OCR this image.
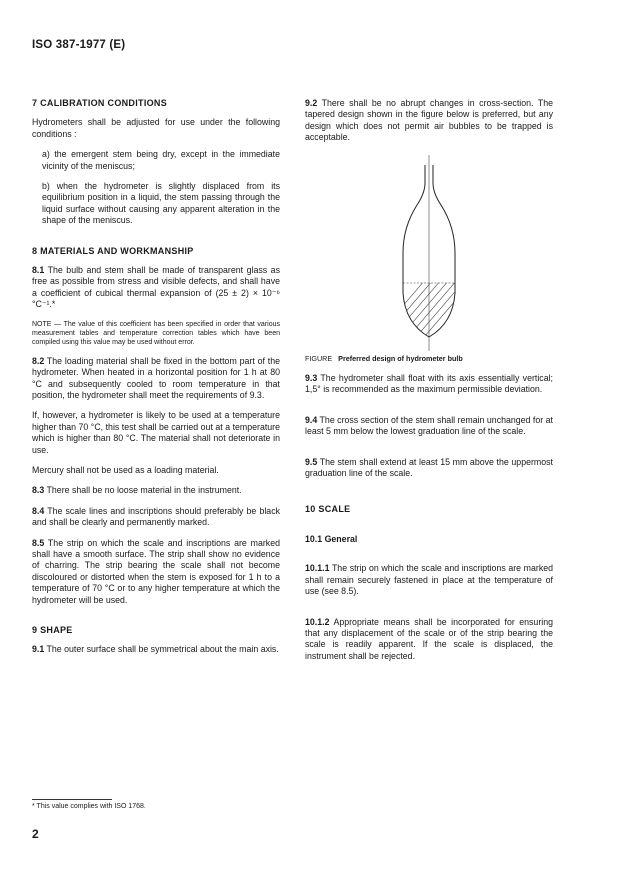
ISO 387-1977 (E)
7 CALIBRATION CONDITIONS

Hydrometers shall be adjusted for use under the following conditions :

a) the emergent stem being dry, except in the immediate vicinity of the meniscus;

b) when the hydrometer is slightly displaced from its equilibrium position in a liquid, the stem passing through the liquid surface without causing any apparent alteration in the shape of the meniscus.

8 MATERIALS AND WORKMANSHIP

8.1 The bulb and stem shall be made of transparent glass as free as possible from stress and visible defects, and shall have a coefficient of cubical thermal expansion of (25 ± 2) × 10⁻⁶ °C⁻¹.*

NOTE — The value of this coefficient has been specified in order that various measurement tables and temperature correction tables which have been compiled using this value may be used without error.

8.2 The loading material shall be fixed in the bottom part of the hydrometer. When heated in a horizontal position for 1 h at 80 °C and subsequently cooled to room temperature in that position, the hydrometer shall meet the requirements of 9.3.

If, however, a hydrometer is likely to be used at a temperature higher than 70 °C, this test shall be carried out at a temperature which is higher than 80 °C. The material shall not deteriorate in use.

Mercury shall not be used as a loading material.

8.3 There shall be no loose material in the instrument.

8.4 The scale lines and inscriptions should preferably be black and shall be clearly and permanently marked.

8.5 The strip on which the scale and inscriptions are marked shall have a smooth surface. The strip shall show no evidence of charring. The strip bearing the scale shall not become discoloured or distorted when the stem is exposed for 1 h to a temperature of 70 °C or to any higher temperature at which the hydrometer will be used.

9 SHAPE

9.1 The outer surface shall be symmetrical about the main axis.

9.2 There shall be no abrupt changes in cross-section. The tapered design shown in the figure below is preferred, but any design which does not permit air bubbles to be trapped is acceptable.

FIGURE Preferred design of hydrometer bulb

9.3 The hydrometer shall float with its axis essentially vertical; 1,5° is recommended as the maximum permissible deviation.

9.4 The cross section of the stem shall remain unchanged for at least 5 mm below the lowest graduation line of the scale.

9.5 The stem shall extend at least 15 mm above the uppermost graduation line of the scale.

10 SCALE
10.1 General

10.1.1 The strip on which the scale and inscriptions are marked shall remain securely fastened in place at the temperature of use (see 8.5).

10.1.2 Appropriate means shall be incorporated for ensuring that any displacement of the scale or of the strip bearing the scale is readily apparent. If the scale is displaced, the instrument shall be rejected.

* This value complies with ISO 1768.
2
